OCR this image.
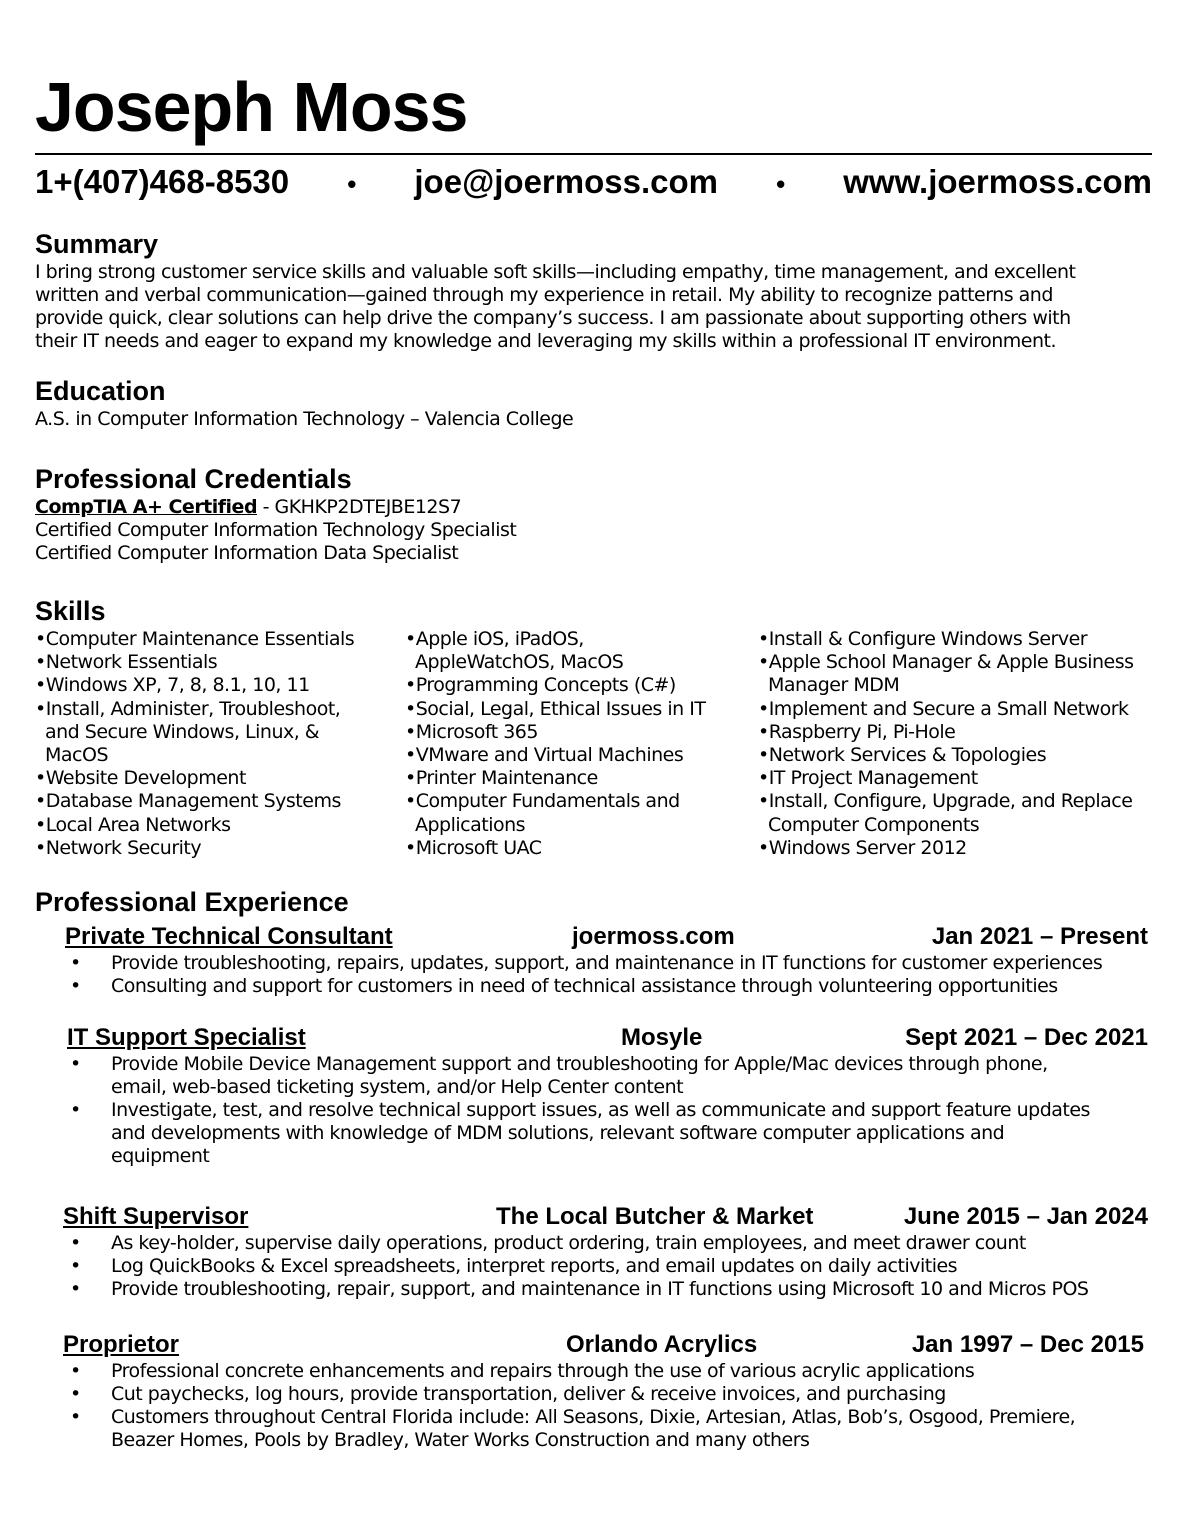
Joseph Moss
1+(407)468-8530 • joe@joermoss.com • www.joermoss.com
Summary
I bring strong customer service skills and valuable soft skills—including empathy, time management, and excellent
written and verbal communication—gained through my experience in retail. My ability to recognize patterns and
provide quick, clear solutions can help drive the company’s success. I am passionate about supporting others with
their IT needs and eager to expand my knowledge and leveraging my skills within a professional IT environment.
Education
A.S. in Computer Information Technology – Valencia College
Professional Credentials
CompTIA A+ Certified - GKHKP2DTEJBE12S7
Certified Computer Information Technology Specialist
Certified Computer Information Data Specialist
Skills
•Computer Maintenance Essentials
•Network Essentials
•Windows XP, 7, 8, 8.1, 10, 11
•Install, Administer, Troubleshoot,
and Secure Windows, Linux, &
MacOS
•Website Development
•Database Management Systems
•Local Area Networks
•Network Security
•Apple iOS, iPadOS,
AppleWatchOS, MacOS
•Programming Concepts (C#)
•Social, Legal, Ethical Issues in IT
•Microsoft 365
•VMware and Virtual Machines
•Printer Maintenance
•Computer Fundamentals and
Applications
•Microsoft UAC
•Install & Configure Windows Server
•Apple School Manager & Apple Business
Manager MDM
•Implement and Secure a Small Network
•Raspberry Pi, Pi-Hole
•Network Services & Topologies
•IT Project Management
•Install, Configure, Upgrade, and Replace
Computer Components
•Windows Server 2012
Professional Experience
Private Technical Consultant	joermoss.com	Jan 2021 – Present
• Provide troubleshooting, repairs, updates, support, and maintenance in IT functions for customer experiences
• Consulting and support for customers in need of technical assistance through volunteering opportunities
IT Support Specialist	Mosyle	Sept 2021 – Dec 2021
• Provide Mobile Device Management support and troubleshooting for Apple/Mac devices through phone,
email, web-based ticketing system, and/or Help Center content
• Investigate, test, and resolve technical support issues, as well as communicate and support feature updates
and developments with knowledge of MDM solutions, relevant software computer applications and
equipment
Shift Supervisor	The Local Butcher & Market	June 2015 – Jan 2024
• As key-holder, supervise daily operations, product ordering, train employees, and meet drawer count
• Log QuickBooks & Excel spreadsheets, interpret reports, and email updates on daily activities
• Provide troubleshooting, repair, support, and maintenance in IT functions using Microsoft 10 and Micros POS
Proprietor	Orlando Acrylics	Jan 1997 – Dec 2015
• Professional concrete enhancements and repairs through the use of various acrylic applications
• Cut paychecks, log hours, provide transportation, deliver & receive invoices, and purchasing
• Customers throughout Central Florida include: All Seasons, Dixie, Artesian, Atlas, Bob’s, Osgood, Premiere,
Beazer Homes, Pools by Bradley, Water Works Construction and many others
